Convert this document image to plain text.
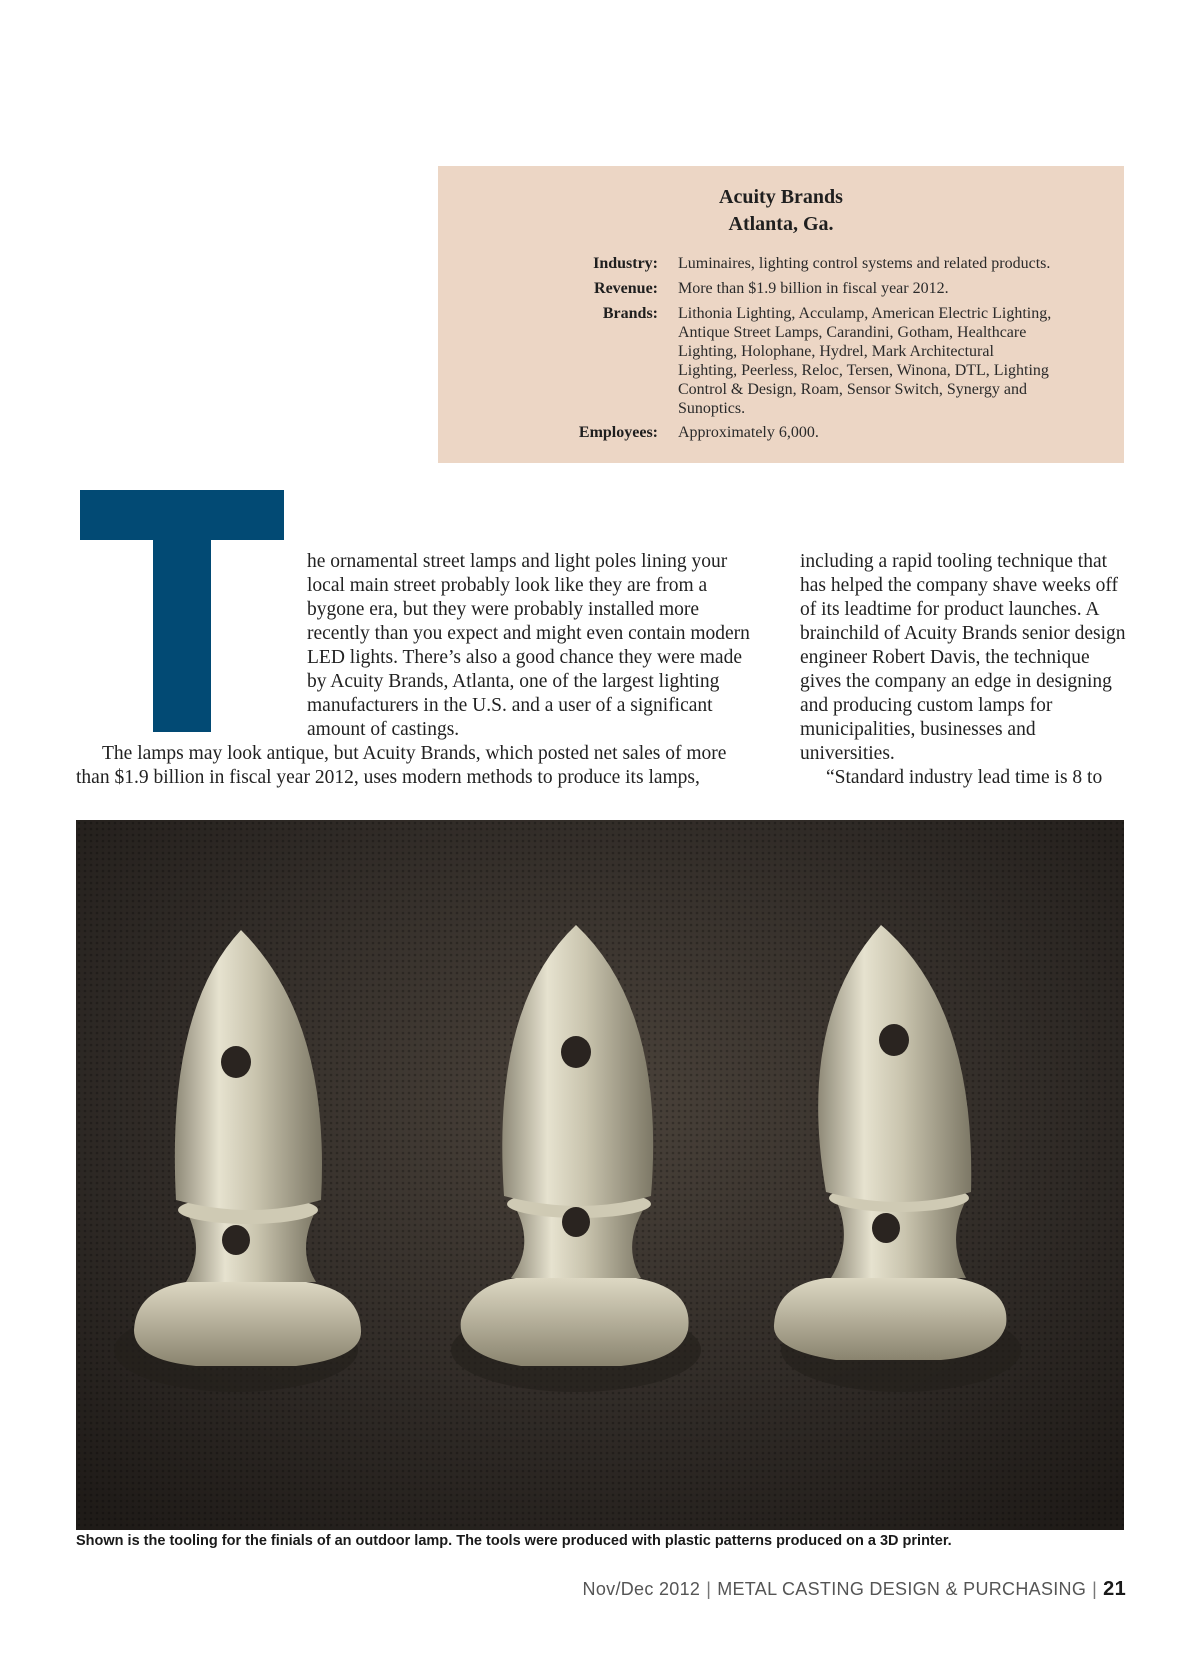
Acuity Brands
Atlanta, Ga.
Industry: Luminaires, lighting control systems and related products.
Revenue: More than $1.9 billion in fiscal year 2012.
Brands: Lithonia Lighting, Acculamp, American Electric Lighting, Antique Street Lamps, Carandini, Gotham, Healthcare Lighting, Holophane, Hydrel, Mark Architectural Lighting, Peerless, Reloc, Tersen, Winona, DTL, Lighting Control & Design, Roam, Sensor Switch, Synergy and Sunoptics.
Employees: Approximately 6,000.

he ornamental street lamps and light poles lining your local main street probably look like they are from a bygone era, but they were probably installed more recently than you expect and might even contain modern LED lights. There’s also a good chance they were made by Acuity Brands, Atlanta, one of the largest lighting manufacturers in the U.S. and a user of a significant amount of castings.

The lamps may look antique, but Acuity Brands, which posted net sales of more than $1.9 billion in fiscal year 2012, uses modern methods to produce its lamps,

including a rapid tooling technique that has helped the company shave weeks off of its leadtime for product launches. A brainchild of Acuity Brands senior design engineer Robert Davis, the technique gives the company an edge in designing and producing custom lamps for municipalities, businesses and universities.

“Standard industry lead time is 8 to

Shown is the tooling for the finials of an outdoor lamp. The tools were produced with plastic patterns produced on a 3D printer.
Nov/Dec 2012 | METAL CASTING DESIGN & PURCHASING | 21
